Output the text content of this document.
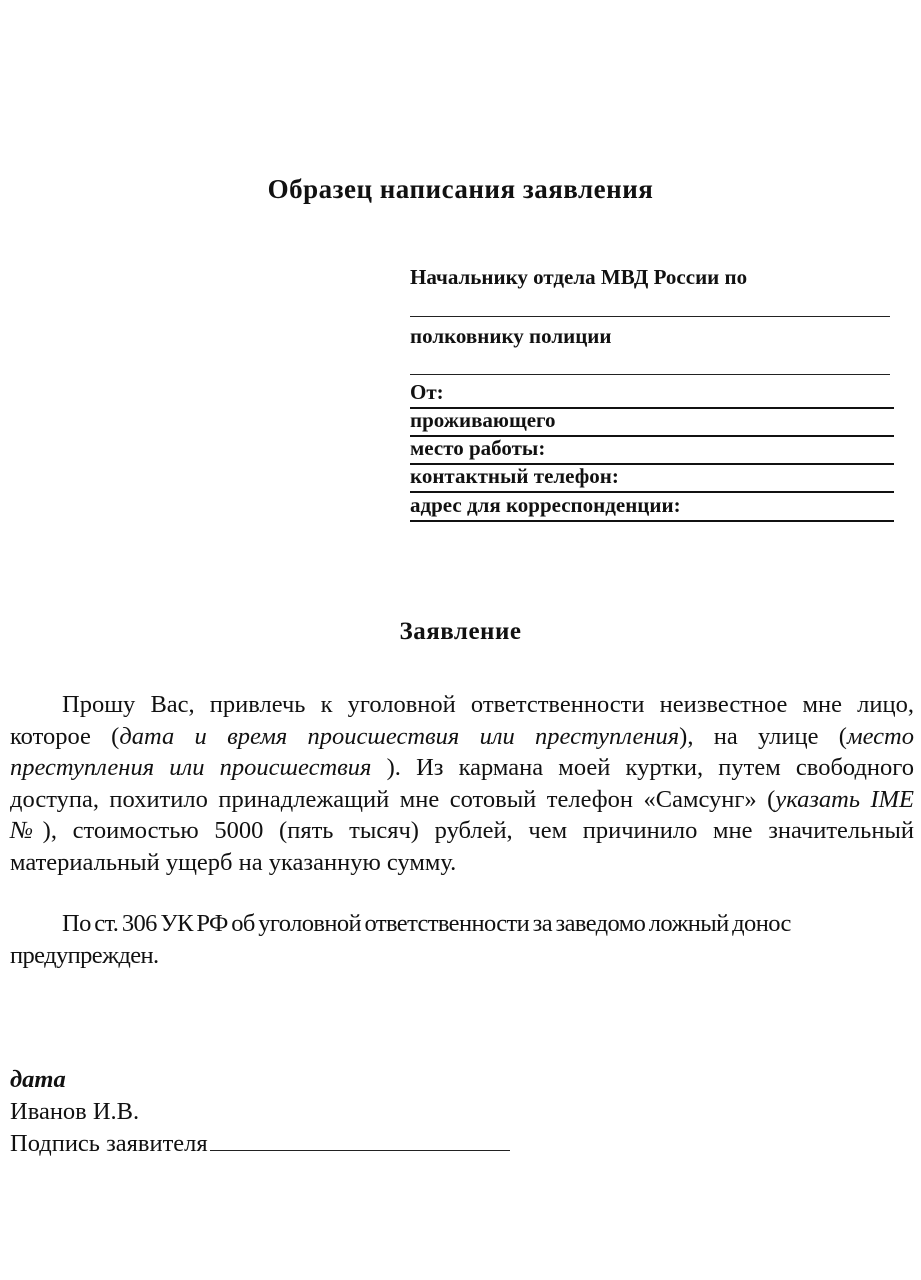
Образец написания заявления
Начальнику отдела МВД России по
полковнику полиции
От:
проживающего
место работы:
контактный телефон:
адрес для корреспонденции:
Заявление

Прошу Вас, привлечь к уголовной ответственности неизвестное мне лицо, которое (дата и время происшествия или преступления), на улице (место преступления или происшествия ). Из кармана моей куртки, путем свободного доступа, похитило принадлежащий мне сотовый телефон «Самсунг» (указать IME №), стоимостью 5000 (пять тысяч) рублей, чем причинило мне значительный материальный ущерб на указанную сумму.

По ст. 306 УК РФ об уголовной ответственности за заведомо ложный донос предупрежден.

дата
Иванов И.В.
Подпись заявителя
